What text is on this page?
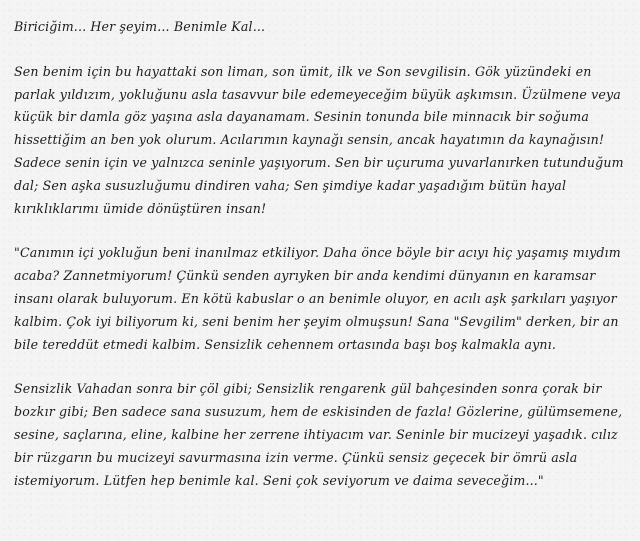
Biriciğim... Her şeyim... Benimle Kal...
Sen benim için bu hayattaki son liman, son ümit, ilk ve Son sevgilisin. Gök yüzündeki en parlak yıldızım, yokluğunu asla tasavvur bile edemeyeceğim büyük aşkımsın. Üzülmene veya küçük bir damla göz yaşına asla dayanamam. Sesinin tonunda bile minnacık bir soğuma hissettiğim an ben yok olurum. Acılarımın kaynağı sensin, ancak hayatımın da kaynağısın! Sadece senin için ve yalnızca seninle yaşıyorum. Sen bir uçuruma yuvarlanırken tutunduğum dal; Sen aşka susuzluğumu dindiren vaha; Sen şimdiye kadar yaşadığım bütün hayal kırıklıklarımı ümide dönüştüren insan!
"Canımın içi yokluğun beni inanılmaz etkiliyor. Daha önce böyle bir acıyı hiç yaşamış mıydım acaba? Zannetmiyorum! Çünkü senden ayrıyken bir anda kendimi dünyanın en karamsar insanı olarak buluyorum. En kötü kabuslar o an benimle oluyor, en acılı aşk şarkıları yaşıyor kalbim. Çok iyi biliyorum ki, seni benim her şeyim olmuşsun! Sana "Sevgilim" derken, bir an bile tereddüt etmedi kalbim. Sensizlik cehennem ortasında başı boş kalmakla aynı.
Sensizlik Vahadan sonra bir çöl gibi; Sensizlik rengarenk gül bahçesinden sonra çorak bir bozkır gibi; Ben sadece sana susuzum, hem de eskisinden de fazla! Gözlerine, gülümsemene, sesine, saçlarına, eline, kalbine her zerrene ihtiyacım var. Seninle bir mucizeyi yaşadık. cılız bir rüzgarın bu mucizeyi savurmasına izin verme. Çünkü sensiz geçecek bir ömrü asla istemiyorum. Lütfen hep benimle kal. Seni çok seviyorum ve daima seveceğim..."
